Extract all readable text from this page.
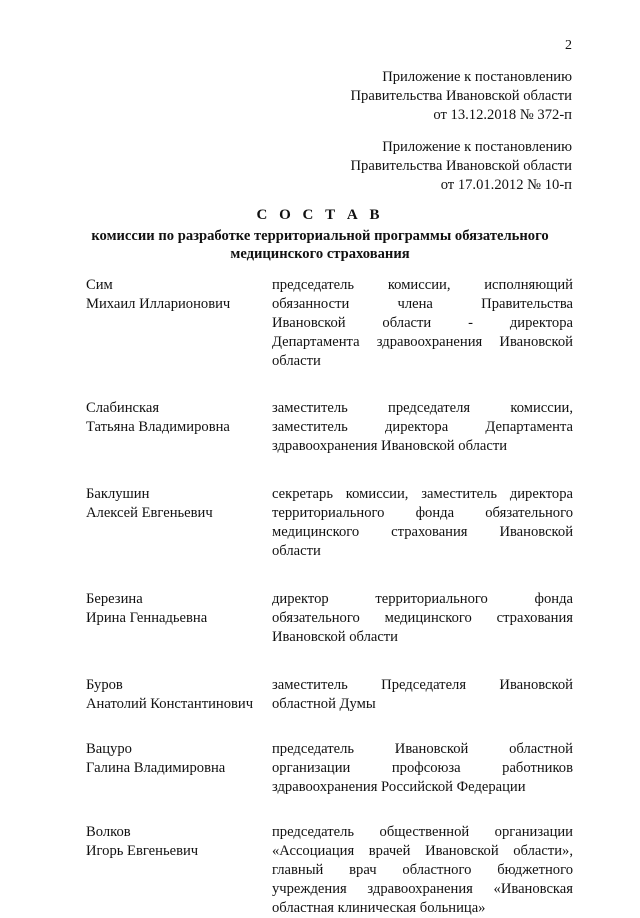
2
Приложение к постановлению
Правительства Ивановской области
от 13.12.2018 № 372-п
Приложение к постановлению
Правительства Ивановской области
от 17.01.2012 № 10-п
С О С Т А В
комиссии по разработке территориальной программы обязательного
медицинского страхования
Сим
Михаил Илларионович
председатель комиссии, исполняющий
обязанности члена Правительства
Ивановской области - директора
Департамента здравоохранения Ивановской
области
Слабинская
Татьяна Владимировна
заместитель председателя комиссии,
заместитель директора Департамента
здравоохранения Ивановской области
Баклушин
Алексей Евгеньевич
секретарь комиссии, заместитель директора
территориального фонда обязательного
медицинского страхования Ивановской
области
Березина
Ирина Геннадьевна
директор территориального фонда
обязательного медицинского страхования
Ивановской области
Буров
Анатолий Константинович
заместитель Председателя Ивановской
областной Думы
Вацуро
Галина Владимировна
председатель Ивановской областной
организации профсоюза работников
здравоохранения Российской Федерации
Волков
Игорь Евгеньевич
председатель общественной организации
«Ассоциация врачей Ивановской области»,
главный врач областного бюджетного
учреждения здравоохранения «Ивановская
областная клиническая больница»
